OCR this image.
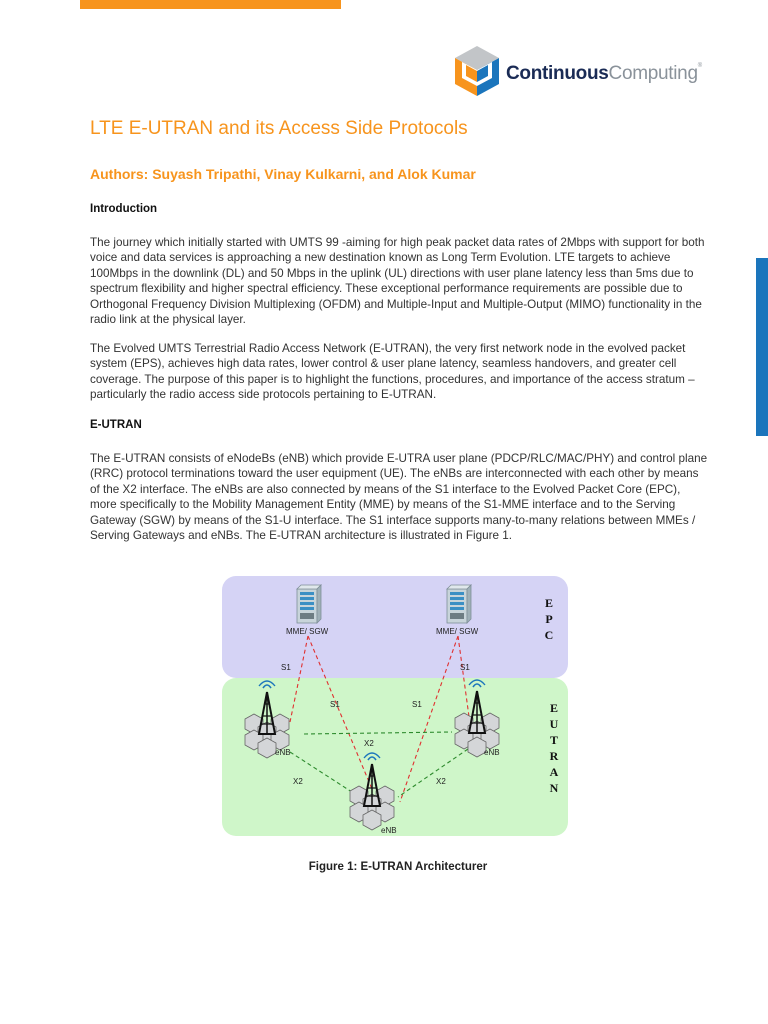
ContinuousComputing®
LTE E-UTRAN and its Access Side Protocols

Authors: Suyash Tripathi, Vinay Kulkarni, and Alok Kumar

Introduction

The journey which initially started with UMTS 99 -aiming for high peak packet data rates of 2Mbps with support for both voice and data services is approaching a new destination known as Long Term Evolution. LTE targets to achieve 100Mbps in the downlink (DL) and 50 Mbps in the uplink (UL) directions with user plane latency less than 5ms due to spectrum flexibility and higher spectral efficiency. These exceptional performance requirements are possible due to Orthogonal Frequency Division Multiplexing (OFDM) and Multiple-Input and Multiple-Output (MIMO) functionality in the radio link at the physical layer.

The Evolved UMTS Terrestrial Radio Access Network (E-UTRAN), the very first network node in the evolved packet system (EPS), achieves high data rates, lower control & user plane latency, seamless handovers, and greater cell coverage. The purpose of this paper is to highlight the functions, procedures, and importance of the access stratum – particularly the radio access side protocols pertaining to E-UTRAN.

E-UTRAN

The E-UTRAN consists of eNodeBs (eNB) which provide E-UTRA user plane (PDCP/RLC/MAC/PHY) and control plane (RRC) protocol terminations toward the user equipment (UE). The eNBs are interconnected with each other by means of the X2 interface. The eNBs are also connected by means of the S1 interface to the Evolved Packet Core (EPC), more specifically to the Mobility Management Entity (MME) by means of the S1-MME interface and to the Serving Gateway (SGW) by means of the S1-U interface. The S1 interface supports many-to-many relations between MMEs / Serving Gateways and eNBs. The E-UTRAN architecture is illustrated in Figure 1.

MME/ SGW	MME/ SGW
S1
S1	S1
S1
X2
X2	X2
eNB	eNB
eNB
E
P
C
E
U
T
R
A
N

Figure 1: E-UTRAN Architecturer
